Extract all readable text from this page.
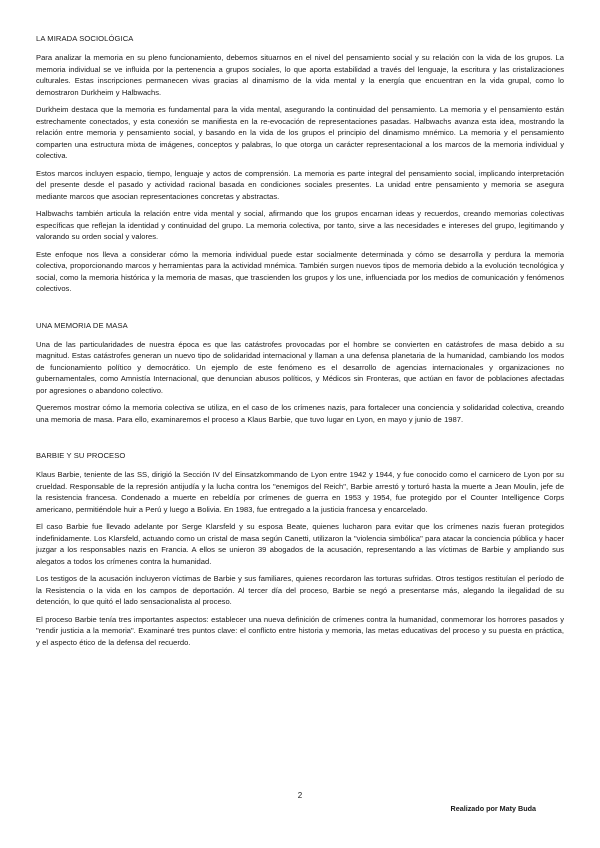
LA MIRADA SOCIOLÓGICA

Para analizar la memoria en su pleno funcionamiento, debemos situarnos en el nivel del pensamiento social y su relación con la vida de los grupos. La memoria individual se ve influida por la pertenencia a grupos sociales, lo que aporta estabilidad a través del lenguaje, la escritura y las cristalizaciones culturales. Estas inscripciones permanecen vivas gracias al dinamismo de la vida mental y la energía que encuentran en la vida grupal, como lo demostraron Durkheim y Halbwachs.

Durkheim destaca que la memoria es fundamental para la vida mental, asegurando la continuidad del pensamiento. La memoria y el pensamiento están estrechamente conectados, y esta conexión se manifiesta en la re-evocación de representaciones pasadas. Halbwachs avanza esta idea, mostrando la relación entre memoria y pensamiento social, y basando en la vida de los grupos el principio del dinamismo mnémico. La memoria y el pensamiento comparten una estructura mixta de imágenes, conceptos y palabras, lo que otorga un carácter representacional a los marcos de la memoria individual y colectiva.

Estos marcos incluyen espacio, tiempo, lenguaje y actos de comprensión. La memoria es parte integral del pensamiento social, implicando interpretación del presente desde el pasado y actividad racional basada en condiciones sociales presentes. La unidad entre pensamiento y memoria se asegura mediante marcos que asocian representaciones concretas y abstractas.

Halbwachs también articula la relación entre vida mental y social, afirmando que los grupos encarnan ideas y recuerdos, creando memorias colectivas específicas que reflejan la identidad y continuidad del grupo. La memoria colectiva, por tanto, sirve a las necesidades e intereses del grupo, legitimando y valorando su orden social y valores.

Este enfoque nos lleva a considerar cómo la memoria individual puede estar socialmente determinada y cómo se desarrolla y perdura la memoria colectiva, proporcionando marcos y herramientas para la actividad mnémica. También surgen nuevos tipos de memoria debido a la evolución tecnológica y social, como la memoria histórica y la memoria de masas, que trascienden los grupos y los une, influenciada por los medios de comunicación y fenómenos colectivos.

UNA MEMORIA DE MASA

Una de las particularidades de nuestra época es que las catástrofes provocadas por el hombre se convierten en catástrofes de masa debido a su magnitud. Estas catástrofes generan un nuevo tipo de solidaridad internacional y llaman a una defensa planetaria de la humanidad, cambiando los modos de funcionamiento político y democrático. Un ejemplo de este fenómeno es el desarrollo de agencias internacionales y organizaciones no gubernamentales, como Amnistía Internacional, que denuncian abusos políticos, y Médicos sin Fronteras, que actúan en favor de poblaciones afectadas por agresiones o abandono colectivo.

Queremos mostrar cómo la memoria colectiva se utiliza, en el caso de los crímenes nazis, para fortalecer una conciencia y solidaridad colectiva, creando una memoria de masa. Para ello, examinaremos el proceso a Klaus Barbie, que tuvo lugar en Lyon, en mayo y junio de 1987.

BARBIE Y SU PROCESO

Klaus Barbie, teniente de las SS, dirigió la Sección IV del Einsatzkommando de Lyon entre 1942 y 1944, y fue conocido como el carnicero de Lyon por su crueldad. Responsable de la represión antijudía y la lucha contra los "enemigos del Reich", Barbie arrestó y torturó hasta la muerte a Jean Moulin, jefe de la resistencia francesa. Condenado a muerte en rebeldía por crímenes de guerra en 1953 y 1954, fue protegido por el Counter Intelligence Corps americano, permitiéndole huir a Perú y luego a Bolivia. En 1983, fue entregado a la justicia francesa y encarcelado.

El caso Barbie fue llevado adelante por Serge Klarsfeld y su esposa Beate, quienes lucharon para evitar que los crímenes nazis fueran protegidos indefinidamente. Los Klarsfeld, actuando como un cristal de masa según Canetti, utilizaron la "violencia simbólica" para atacar la conciencia pública y hacer juzgar a los responsables nazis en Francia. A ellos se unieron 39 abogados de la acusación, representando a las víctimas de Barbie y ampliando sus alegatos a todos los crímenes contra la humanidad.

Los testigos de la acusación incluyeron víctimas de Barbie y sus familiares, quienes recordaron las torturas sufridas. Otros testigos restituían el período de la Resistencia o la vida en los campos de deportación. Al tercer día del proceso, Barbie se negó a presentarse más, alegando la ilegalidad de su detención, lo que quitó el lado sensacionalista al proceso.

El proceso Barbie tenía tres importantes aspectos: establecer una nueva definición de crímenes contra la humanidad, conmemorar los horrores pasados y "rendir justicia a la memoria". Examinaré tres puntos clave: el conflicto entre historia y memoria, las metas educativas del proceso y su puesta en práctica, y el aspecto ético de la defensa del recuerdo.

2
Realizado por Maty Buda
